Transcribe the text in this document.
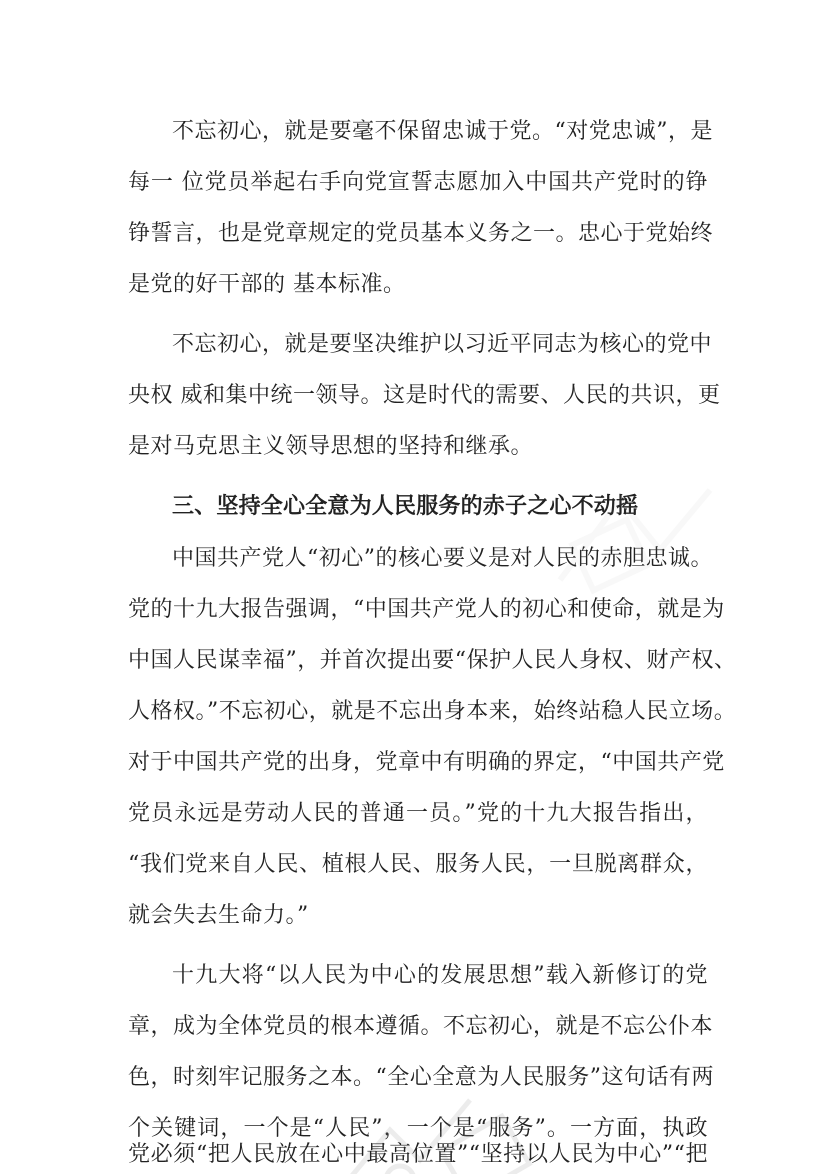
不忘初心，就是要毫不保留忠诚于党。“对党忠诚”，是
每一 位党员举起右手向党宣誓志愿加入中国共产党时的铮
铮誓言，也是党章规定的党员基本义务之一。忠心于党始终
是党的好干部的 基本标准。
不忘初心，就是要坚决维护以习近平同志为核心的党中
央权 威和集中统一领导。这是时代的需要、人民的共识，更
是对马克思主义领导思想的坚持和继承。
三、坚持全心全意为人民服务的赤子之心不动摇
中国共产党人“初心”的核心要义是对人民的赤胆忠诚。
党的十九大报告强调，“中国共产党人的初心和使命，就是为
中国人民谋幸福”，并首次提出要“保护人民人身权、财产权、
人格权。”不忘初心，就是不忘出身本来，始终站稳人民立场。
对于中国共产党的出身，党章中有明确的界定，“中国共产党
党员永远是劳动人民的普通一员。”党的十九大报告指出，
“我们党来自人民、植根人民、服务人民，一旦脱离群众，
就会失去生命力。”
十九大将“以人民为中心的发展思想”载入新修订的党
章，成为全体党员的根本遵循。不忘初心，就是不忘公仆本
色，时刻牢记服务之本。“全心全意为人民服务”这句话有两
个关键词，一个是“人民”，一个是“服务”。一方面，执政
党必须“把人民放在心中最高位置”“坚持以人民为中心”“把
